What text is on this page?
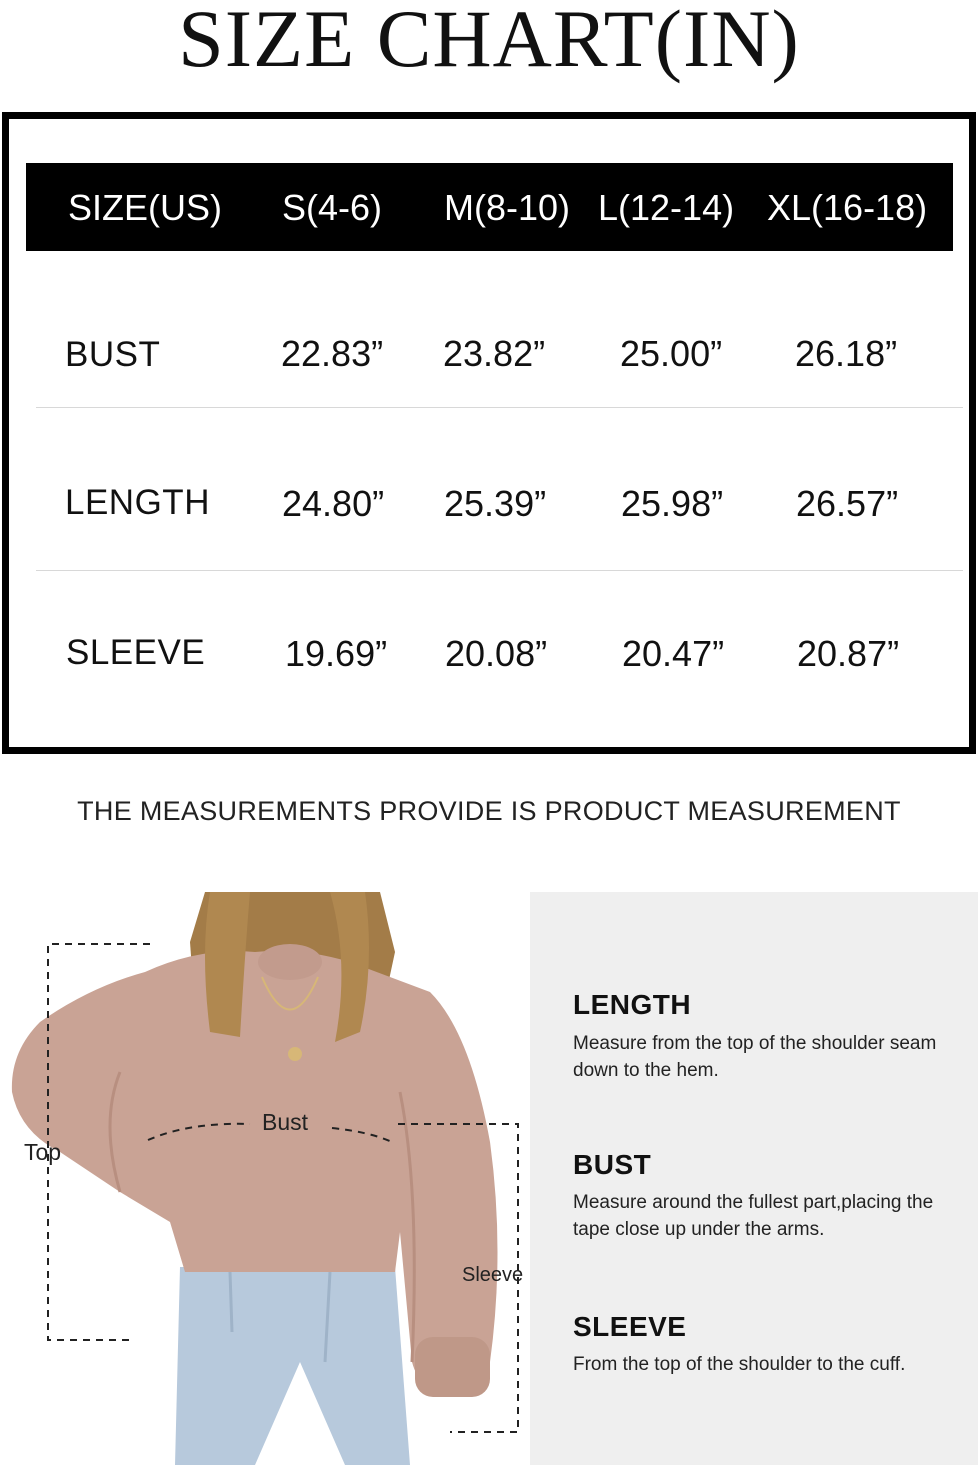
SIZE CHART(IN)
SIZE(US) S(4-6) M(8-10) L(12-14) XL(16-18)
BUST	22.83” 23.82” 25.00” 26.18”
LENGTH 24.80” 25.39” 25.98” 26.57”
SLEEVE 19.69” 20.08” 20.47” 20.87”
THE MEASUREMENTS PROVIDE IS PRODUCT MEASUREMENT
Top
Bust
Sleeve
LENGTH
Measure from the top of the shoulder seam down to the hem.
BUST
Measure around the fullest part,placing the tape close up under the arms.
SLEEVE
From the top of the shoulder to the cuff.
